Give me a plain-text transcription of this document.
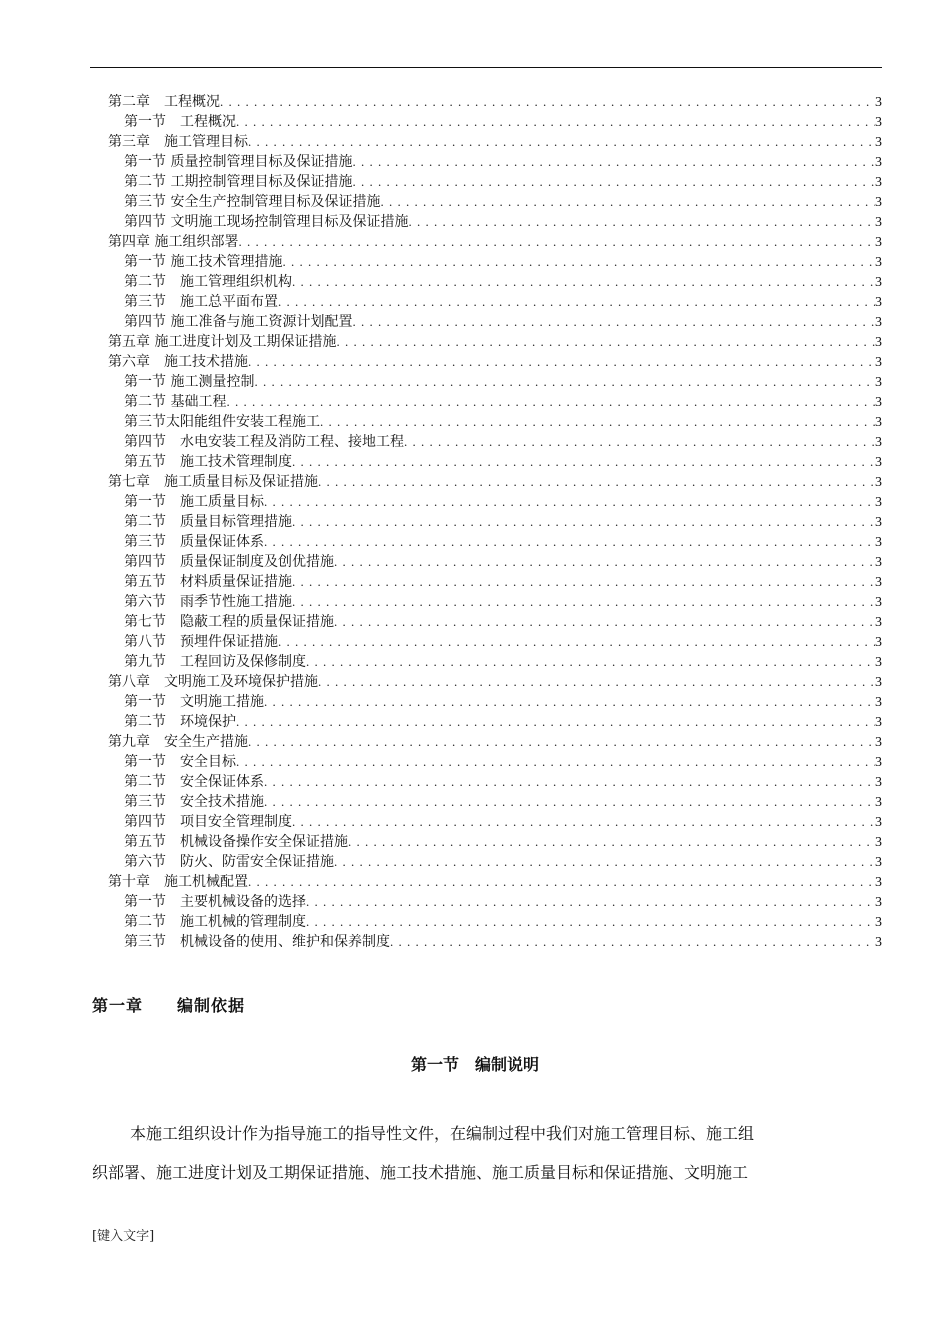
第二章　工程概况 . . .	3
第一节　工程概况 . . .	3
第三章　施工管理目标 . . .	3
第一节 质量控制管理目标及保证措施 . . .	3
第二节 工期控制管理目标及保证措施 . . .	3
第三节 安全生产控制管理目标及保证措施 . . .	3
第四节 文明施工现场控制管理目标及保证措施 . . .	3
第四章 施工组织部署 . . .	3
第一节 施工技术管理措施 . . .	3
第二节　施工管理组织机构 . . .	3
第三节　施工总平面布置 . . .	3
第四节 施工准备与施工资源计划配置 . . .	3
第五章 施工进度计划及工期保证措施 . . .	3
第六章　施工技术措施 . . .	3
第一节 施工测量控制 . . .	3
第二节 基础工程 . . .	3
第三节太阳能组件安装工程施工 . . .	3
第四节　水电安装工程及消防工程、接地工程 . . .	3
第五节　施工技术管理制度 . . .	3
第七章　施工质量目标及保证措施 . . .	3
第一节　施工质量目标 . . .	3
第二节　质量目标管理措施 . . .	3
第三节　质量保证体系 . . .	3
第四节　质量保证制度及创优措施 . . .	3
第五节　材料质量保证措施 . . .	3
第六节　雨季节性施工措施 . . .	3
第七节　隐蔽工程的质量保证措施 . . .	3
第八节　预埋件保证措施 . . .	3
第九节　工程回访及保修制度 . . .	3
第八章　文明施工及环境保护措施 . . .	3
第一节　文明施工措施 . . .	3
第二节　环境保护 . . .	3
第九章　安全生产措施 . . .	3
第一节　安全目标 . . .	3
第二节　安全保证体系 . . .	3
第三节　安全技术措施 . . .	3
第四节　项目安全管理制度 . . .	3
第五节　机械设备操作安全保证措施 . . .	3
第六节　防火、防雷安全保证措施 . . .	3
第十章　施工机械配置 . . .	3
第一节　主要机械设备的选择 . . .	3
第二节　施工机械的管理制度 . . .	3
第三节　机械设备的使用、维护和保养制度 . . .	3
第一章　　编制依据
第一节　编制说明
本施工组织设计作为指导施工的指导性文件，在编制过程中我们对施工管理目标、施工组
织部署、施工进度计划及工期保证措施、施工技术措施、施工质量目标和保证措施、文明施工
[键入文字]
